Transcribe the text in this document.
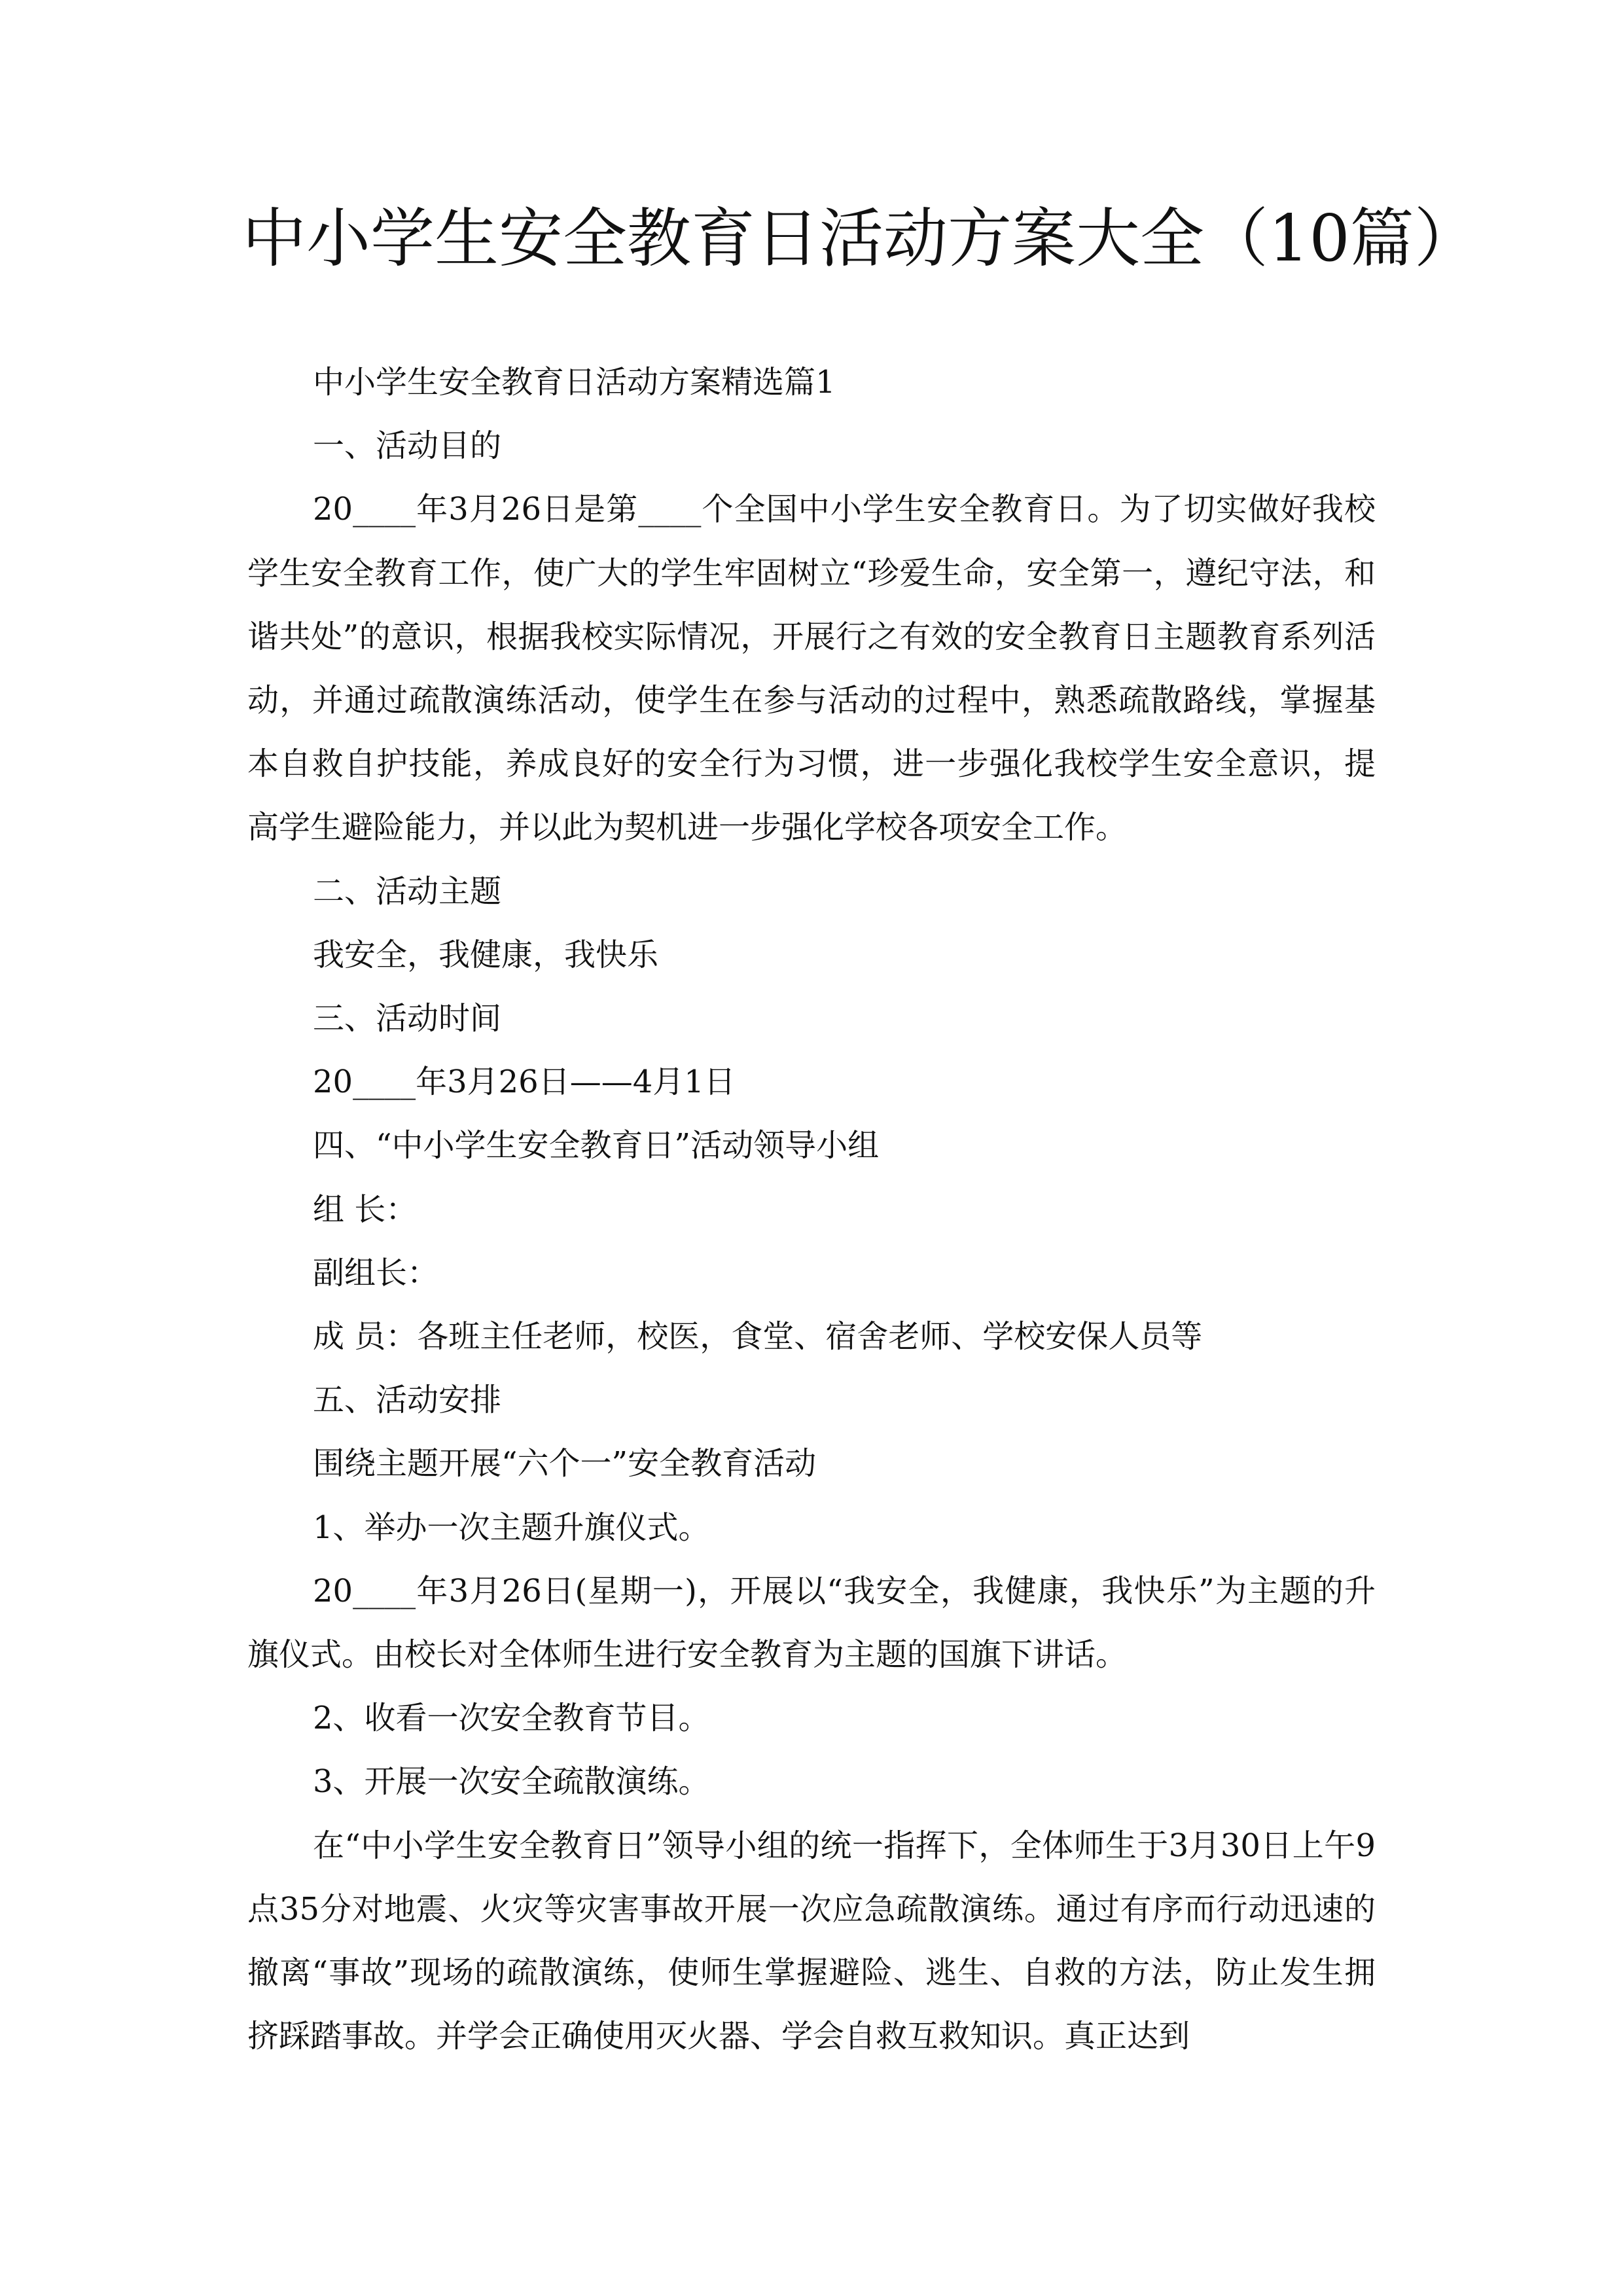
中小学生安全教育日活动方案大全（10篇）

中小学生安全教育日活动方案精选篇1

一、活动目的

20____年3月26日是第____个全国中小学生安全教育日。为了切实做好我校学生安全教育工作，使广大的学生牢固树立“珍爱生命，安全第一，遵纪守法，和谐共处”的意识，根据我校实际情况，开展行之有效的安全教育日主题教育系列活动，并通过疏散演练活动，使学生在参与活动的过程中，熟悉疏散路线，掌握基本自救自护技能，养成良好的安全行为习惯，进一步强化我校学生安全意识，提高学生避险能力，并以此为契机进一步强化学校各项安全工作。

二、活动主题

我安全，我健康，我快乐

三、活动时间

20____年3月26日——4月1日

四、“中小学生安全教育日”活动领导小组

组 长：

副组长：

成 员：各班主任老师，校医，食堂、宿舍老师、学校安保人员等

五、活动安排

围绕主题开展“六个一”安全教育活动

1、举办一次主题升旗仪式。

20____年3月26日(星期一)，开展以“我安全，我健康，我快乐”为主题的升旗仪式。由校长对全体师生进行安全教育为主题的国旗下讲话。

2、收看一次安全教育节目。

3、开展一次安全疏散演练。

在“中小学生安全教育日”领导小组的统一指挥下，全体师生于3月30日上午9点35分对地震、火灾等灾害事故开展一次应急疏散演练。通过有序而行动迅速的撤离“事故”现场的疏散演练，使师生掌握避险、逃生、自救的方法，防止发生拥挤踩踏事故。并学会正确使用灭火器、学会自救互救知识。真正达到
